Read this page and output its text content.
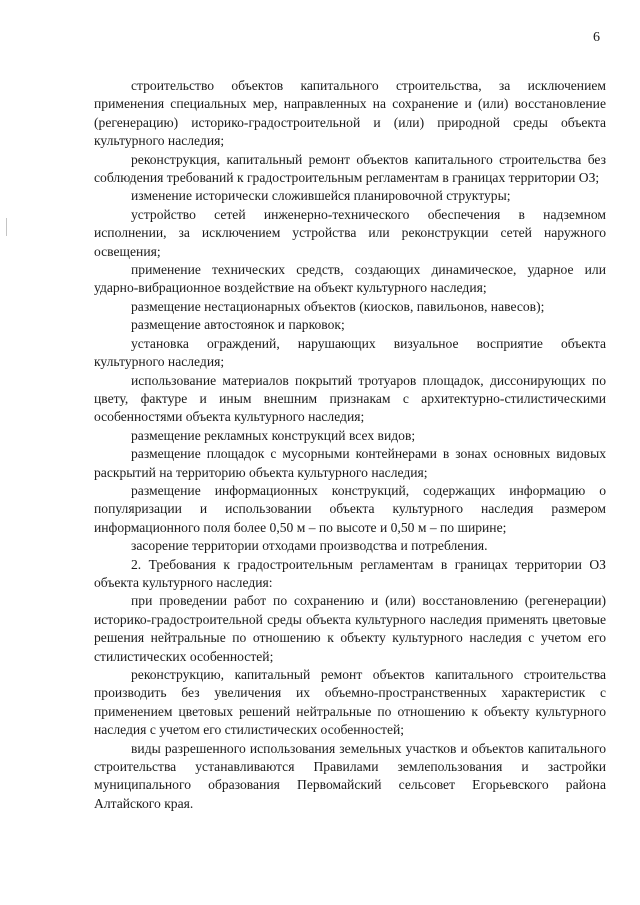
6

строительство объектов капитального строительства, за исключением применения специальных мер, направленных на сохранение и (или) восстановление (регенерацию) историко-градостроительной и (или) природной среды объекта культурного наследия;

реконструкция, капитальный ремонт объектов капитального строительства без соблюдения требований к градостроительным регламентам в границах территории ОЗ;

изменение исторически сложившейся планировочной структуры;

устройство сетей инженерно-технического обеспечения в надземном исполнении, за исключением устройства или реконструкции сетей наружного освещения;

применение технических средств, создающих динамическое, ударное или ударно-вибрационное воздействие на объект культурного наследия;

размещение нестационарных объектов (киосков, павильонов, навесов);

размещение автостоянок и парковок;

установка ограждений, нарушающих визуальное восприятие объекта культурного наследия;

использование материалов покрытий тротуаров площадок, диссонирующих по цвету, фактуре и иным внешним признакам с архитектурно-стилистическими особенностями объекта культурного наследия;

размещение рекламных конструкций всех видов;

размещение площадок с мусорными контейнерами в зонах основных видовых раскрытий на территорию объекта культурного наследия;

размещение информационных конструкций, содержащих информацию о популяризации и использовании объекта культурного наследия размером информационного поля более 0,50 м – по высоте и 0,50 м – по ширине;

засорение территории отходами производства и потребления.

2. Требования к градостроительным регламентам в границах территории ОЗ объекта культурного наследия:

при проведении работ по сохранению и (или) восстановлению (регенерации) историко-градостроительной среды объекта культурного наследия применять цветовые решения нейтральные по отношению к объекту культурного наследия с учетом его стилистических особенностей;

реконструкцию, капитальный ремонт объектов капитального строительства производить без увеличения их объемно-пространственных характеристик с применением цветовых решений нейтральные по отношению к объекту культурного наследия с учетом его стилистических особенностей;

виды разрешенного использования земельных участков и объектов капитального строительства устанавливаются Правилами землепользования и застройки муниципального образования Первомайский сельсовет Егорьевского района Алтайского края.
